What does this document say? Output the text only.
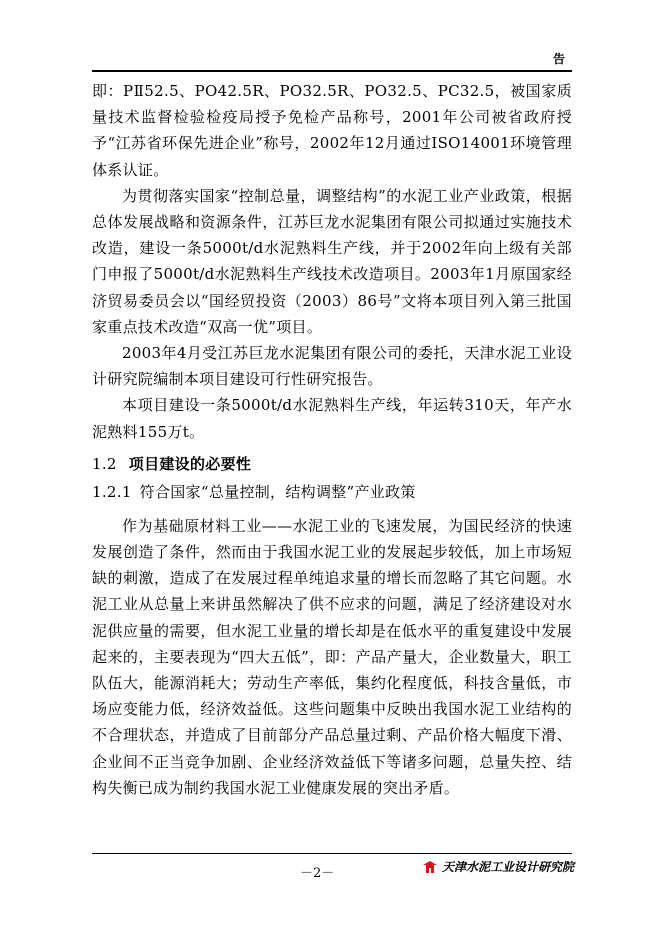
告

即：PⅡ52.5、PO42.5R、PO32.5R、PO32.5、PC32.5，被国家质量技术监督检验检疫局授予免检产品称号，2001年公司被省政府授予“江苏省环保先进企业”称号，2002年12月通过ISO14001环境管理体系认证。

为贯彻落实国家“控制总量，调整结构”的水泥工业产业政策，根据总体发展战略和资源条件，江苏巨龙水泥集团有限公司拟通过实施技术改造，建设一条5000t/d水泥熟料生产线，并于2002年向上级有关部门申报了5000t/d水泥熟料生产线技术改造项目。2003年1月原国家经济贸易委员会以“国经贸投资（2003）86号”文将本项目列入第三批国家重点技术改造“双高一优”项目。

2003年4月受江苏巨龙水泥集团有限公司的委托，天津水泥工业设计研究院编制本项目建设可行性研究报告。

本项目建设一条5000t/d水泥熟料生产线，年运转310天，年产水泥熟料155万t。

1.2 项目建设的必要性
1.2.1 符合国家“总量控制，结构调整”产业政策

作为基础原材料工业——水泥工业的飞速发展，为国民经济的快速发展创造了条件，然而由于我国水泥工业的发展起步较低，加上市场短缺的刺激，造成了在发展过程单纯追求量的增长而忽略了其它问题。水泥工业从总量上来讲虽然解决了供不应求的问题，满足了经济建设对水泥供应量的需要，但水泥工业量的增长却是在低水平的重复建设中发展起来的，主要表现为“四大五低”，即：产品产量大，企业数量大，职工队伍大，能源消耗大；劳动生产率低，集约化程度低，科技含量低，市场应变能力低，经济效益低。这些问题集中反映出我国水泥工业结构的不合理状态，并造成了目前部分产品总量过剩、产品价格大幅度下滑、企业间不正当竞争加剧、企业经济效益低下等诸多问题，总量失控、结构失衡已成为制约我国水泥工业健康发展的突出矛盾。

－2－	天津水泥工业设计研究院
